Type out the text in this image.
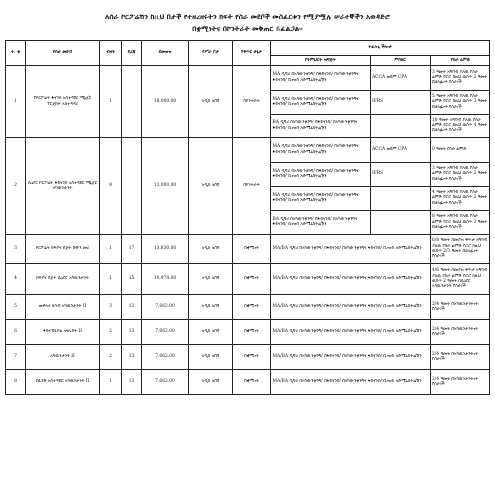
ለሰራ ኮርፖሬሽን ከዚህ በታች የተዘረዘሩትን ክፍት የስራ መደቦች መስፈርቱን የሚያሟሉ ሠራተኞችን አወዳድሮ
በቋሚነትና በኮንትራት መቅጠር ይፈልጋል፡፡
ተ. ቁ	የስራ መደብ	ብዛት	ደረጃ	ደመወዝ	የሥራ ቦታ	የቅጥር ሁኔታ	ተፈላጊ ችሎታ

የትምህርት ዝግጅት	ምስክር	የስራ ልምድ

1	የኮርፖሬት ፋናንስ አስተዳደር ማኔጀር ፐርጀክት አስተዳዳሪ	1		18,000.00	አዲስ አበባ	በኮንትራት	
MA ዲግሪ በአካውንቲንግ/ በፋይናንስ/ በአካውንቲንግና ፋይናንስ/ ቢዝነስ አድሚኒስትሬሽን	ACCA ወይም CPA	3 ዓመት አግባብ ያለዉ የስራ ልምድ የሮሮ ከዚህ ዉስጥ 2 ዓመት በኃላፊነት የሰራ/ች
MA ዲግሪ በአካውንቲንግ/ በፋይናንስ/ በአካውንቲንግና ፋይናንስ/ ቢዝነስ አድሚኒስትሬሽን	IFRS	5 ዓመት አግባብ ያለዉ የስራ ልምድ የሮሮ ከዚህ ዉስጥ 3 ዓመት በኃላፊነት የሰራ/ች
BA ዲግሪ በአካውንቲንግ/ በፋይናንስ/ በአካውንቲንግና ፋይናንስ/ ቢዝነስ አድሚኒስትሬሽን		10 ዓመት አግባብ ያለዉ የስራ ልምድ የሮሮ ከዚህ ዉስጥ 4 ዓመት በኃላፊነት የሰራ/ች

2	ሲኒየር ኮርፖሬት ፋይናንስ አስተዳደር ማኔጀር አካዉንታንት	8		13,000.00	አዲስ አበባ	በኮንትራት	
MA ዲግሪ በአካውንቲንግ/ በፋይናንስ/ በአካውንቲንግና ፋይናንስ/ ቢዝነስ አድሚኒስትሬሽን	ACCA ወይም CPA	0 ዓመት የስራ ልምድ
MA ዲግሪ በአካውንቲንግ/ በፋይናንስ/ በአካውንቲንግና ፋይናንስ/ ቢዝነስ አድሚኒስትሬሽን	IFRS	3 ዓመት አግባብ ያለዉ የስራ ልምድ የሮሮ ከዚህ ዉስጥ 2 ዓመት በኃላፊነት የሰራ/ች
MA ዲግሪ በአካውንቲንግ/ በፋይናንስ/ በአካውንቲንግና ፋይናንስ/ ቢዝነስ አድሚኒስትሬሽን		4 ዓመት አግባብ ያለዉ የስራ ልምድ የሮሮ ከዚህ ዉስጥ 2 ዓመት በኃላፊነት የሰራ/ች
BA ዲግሪ በአካውንቲንግ/ በፋይናንስ/ በአካውንቲንግና ፋይናንስ/ ቢዝነስ አድሚኒስትሬሽን		8 ዓመት አግባብ ያለዉ የስራ ልምድ የሮሮ ከዚህ ዉስጥ 3 ዓመት በኃላፊነት የሰራ/ች

3	ኮርፖሬት ክፍያና በጀት ቡድን መሪ	1	17	13,830.00	አዲስ አበባ	በቋሚነት		MA/BA ዲግሪ በአካውንቲንግ/ በፋይናንስ/ በአካውንቲንግና ፋይናንስ/ ቢዝነስ አድሚኒስትሬሽን	6/8 ዓመት በመያዝ ቀጥታ አግባብ ያለዉ የስራ ልምድ የሮሮ ከዚህ ዉስጥ 2/3 ዓመት በኃላፊነት የሰራ/ች

4	ክፍያና በጀት ሲኒየር አካዉንታንት	1	15	10,974.00	አዲስ አበባ	በቋሚነት		MA/BA ዲግሪ በአካውንቲንግ/ በፋይናንስ/ በአካውንቲንግና ፋይናንስ/ ቢዝነስ አድሚኒስትሬሽን	4/6 ዓመት በመያዝ ቀጥታ አግባብ ያለዉ የስራ ልምድ የሮሮ ከዚህ ዉስጥ 2 ዓመት በሲኒየር አካዉንታንት የሰራ/ች

5	ጠቅላላ ሂሳብ አካዉንታንት II	3	13	7,662.00	አዲስ አበባ	በቋሚነት		MA/BA ዲግሪ በአካውንቲንግ/ በፋይናንስ/ በአካውንቲንግና ፋይናንስ/ ቢዝነስ አድሚኒስትሬሽን	2/4 ዓመት በአካዉንታንትነት የሰራ/ች

6	ፋይናንሺያል አናሊስት II	2	13	7,662.00	አዲስ አበባ	በቋሚነት		MA/BA ዲግሪ በአካውንቲንግ/ በፋይናንስ/ በአካውንቲንግና ፋይናንስ/ ቢዝነስ አድሚኒስትሬሽን	2/4 ዓመት በአካዉንታንትነት የሰራ/ች

7	አካዉንታንት II	2	13	7,662.00	አዲስ አበባ	በቋሚነት		MA/BA ዲግሪ በአካውንቲንግ/ በፋይናንስ/ በአካውንቲንግና ፋይናንስ/ ቢዝነስ አድሚኒስትሬሽን	2/4 ዓመት በአካዉንታንትነት የሰራ/ች

8	የፈንድ አስተዳደር አካዉንታንት II	1	13	7,662.00	አዲስ አበባ	በቋሚነት		MA/BA ዲግሪ በአካውንቲንግ/ በፋይናንስ/ በአካውንቲንግና ፋይናንስ/ ቢዝነስ አድሚኒስትሬሽን	2/4 ዓመት በአካዉንታንትነት የሰራ/ች
